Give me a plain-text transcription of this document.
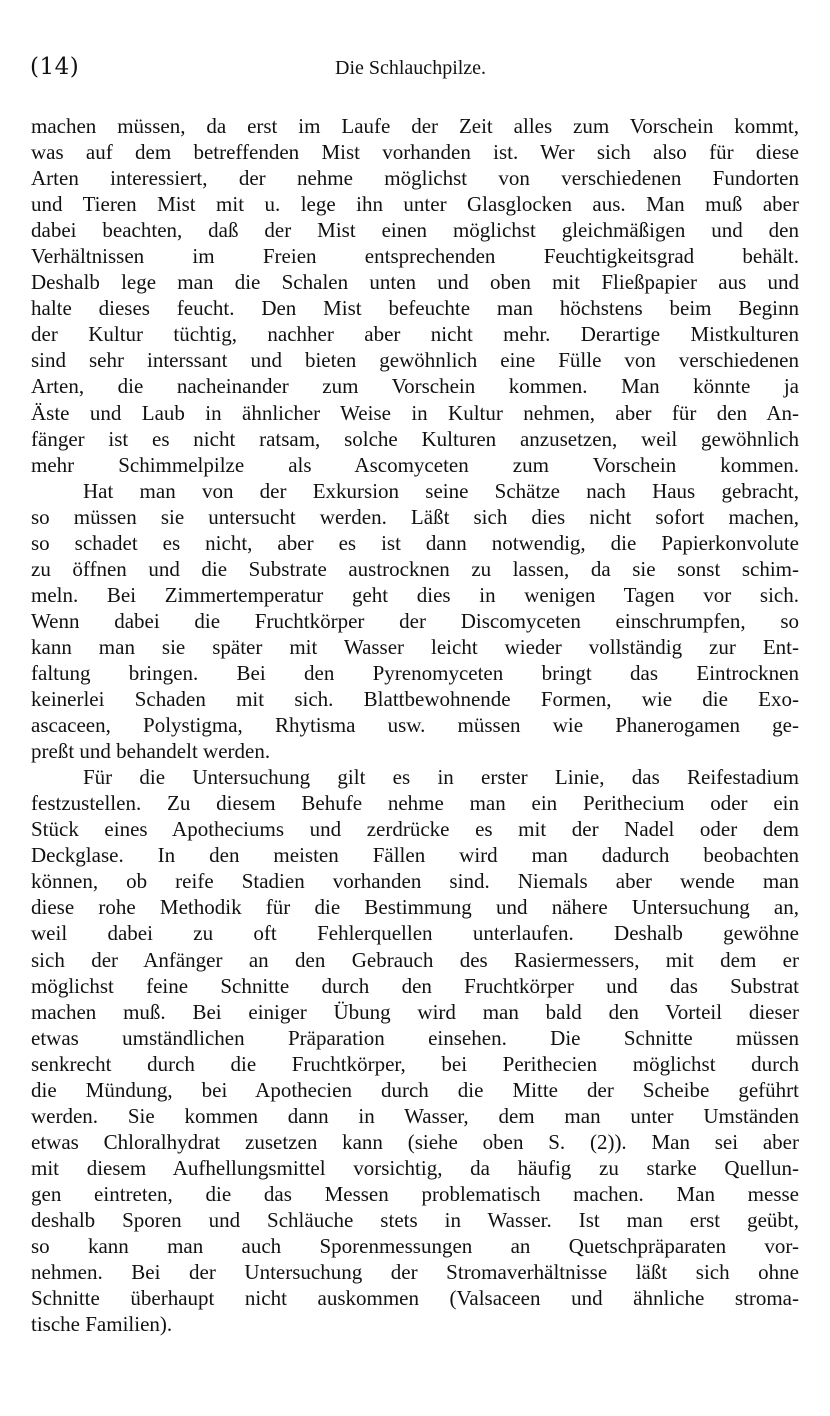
(14)	Die Schlauchpilze.
machen müssen, da erst im Laufe der Zeit alles zum Vorschein kommt,
was auf dem betreffenden Mist vorhanden ist. Wer sich also für diese
Arten interessiert, der nehme möglichst von verschiedenen Fundorten
und Tieren Mist mit u. lege ihn unter Glasglocken aus. Man muß aber
dabei beachten, daß der Mist einen möglichst gleichmäßigen und den
Verhältnissen im Freien entsprechenden Feuchtigkeitsgrad behält.
Deshalb lege man die Schalen unten und oben mit Fließpapier aus und
halte dieses feucht. Den Mist befeuchte man höchstens beim Beginn
der Kultur tüchtig, nachher aber nicht mehr. Derartige Mistkulturen
sind sehr interssant und bieten gewöhnlich eine Fülle von verschiedenen
Arten, die nacheinander zum Vorschein kommen. Man könnte ja
Äste und Laub in ähnlicher Weise in Kultur nehmen, aber für den An-
fänger ist es nicht ratsam, solche Kulturen anzusetzen, weil gewöhnlich
mehr Schimmelpilze als Ascomyceten zum Vorschein kommen.
Hat man von der Exkursion seine Schätze nach Haus gebracht,
so müssen sie untersucht werden. Läßt sich dies nicht sofort machen,
so schadet es nicht, aber es ist dann notwendig, die Papierkonvolute
zu öffnen und die Substrate austrocknen zu lassen, da sie sonst schim-
meln. Bei Zimmertemperatur geht dies in wenigen Tagen vor sich.
Wenn dabei die Fruchtkörper der Discomyceten einschrumpfen, so
kann man sie später mit Wasser leicht wieder vollständig zur Ent-
faltung bringen. Bei den Pyrenomyceten bringt das Eintrocknen
keinerlei Schaden mit sich. Blattbewohnende Formen, wie die Exo-
ascaceen, Polystigma, Rhytisma usw. müssen wie Phanerogamen ge-
preßt und behandelt werden.
Für die Untersuchung gilt es in erster Linie, das Reifestadium
festzustellen. Zu diesem Behufe nehme man ein Perithecium oder ein
Stück eines Apotheciums und zerdrücke es mit der Nadel oder dem
Deckglase. In den meisten Fällen wird man dadurch beobachten
können, ob reife Stadien vorhanden sind. Niemals aber wende man
diese rohe Methodik für die Bestimmung und nähere Untersuchung an,
weil dabei zu oft Fehlerquellen unterlaufen. Deshalb gewöhne
sich der Anfänger an den Gebrauch des Rasiermessers, mit dem er
möglichst feine Schnitte durch den Fruchtkörper und das Substrat
machen muß. Bei einiger Übung wird man bald den Vorteil dieser
etwas umständlichen Präparation einsehen. Die Schnitte müssen
senkrecht durch die Fruchtkörper, bei Perithecien möglichst durch
die Mündung, bei Apothecien durch die Mitte der Scheibe geführt
werden. Sie kommen dann in Wasser, dem man unter Umständen
etwas Chloralhydrat zusetzen kann (siehe oben S. (2)). Man sei aber
mit diesem Aufhellungsmittel vorsichtig, da häufig zu starke Quellun-
gen eintreten, die das Messen problematisch machen. Man messe
deshalb Sporen und Schläuche stets in Wasser. Ist man erst geübt,
so kann man auch Sporenmessungen an Quetschpräparaten vor-
nehmen. Bei der Untersuchung der Stromaverhältnisse läßt sich ohne
Schnitte überhaupt nicht auskommen (Valsaceen und ähnliche stroma-
tische Familien).
